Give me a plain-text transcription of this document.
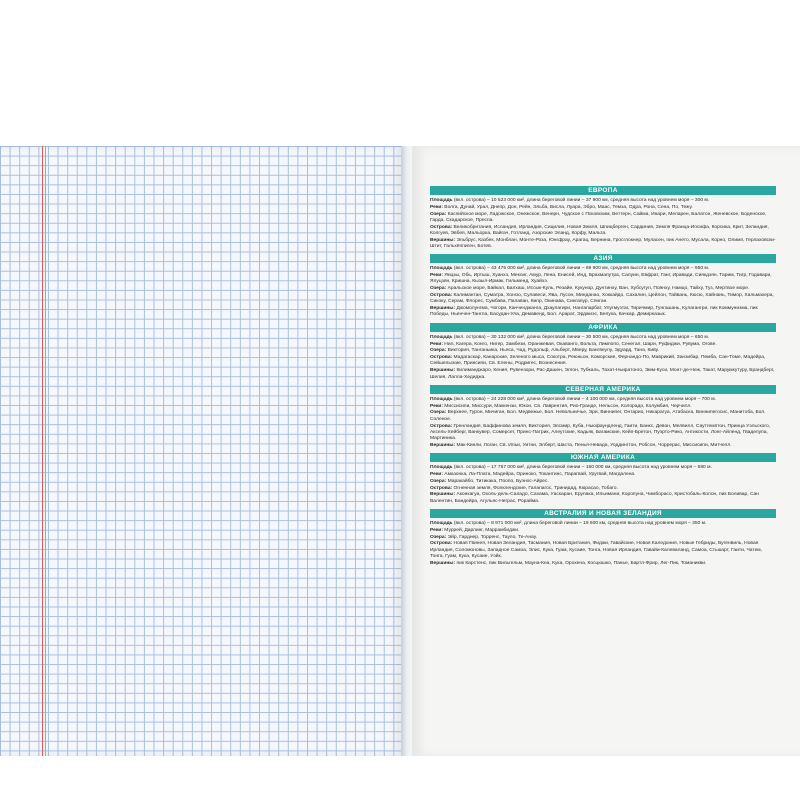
ЕВРОПА
Площадь (вкл. острова) – 10 523 000 км², длина береговой линии – 37 900 км, средняя высота над уровнем моря – 300 м.
Реки: Волга, Дунай, Урал, Днепр, Дон, Рейн, Эльба, Висла, Луара, Эбро, Маас, Темза, Одра, Рона, Сена, По, Тежу.
Озера: Каспийское море, Ладожское, Онежское, Венерн, Чудское с Псковским, Веттерн, Сайма, Инари, Меларен, Балатон, Женевское, Боденское, Гарда, Скадарское, Преспа.
Острова: Великобритания, Исландия, Ирландия, Сицилия, Новая Земля, Шпицберген, Сардиния, Земля Франца-Иосифа, Корсика, Крит, Зеландия, Колгуев, Эвбея, Мальорка, Вайгач, Готланд, Азорские Эланд, Корфу, Мальта.
Вершины: Эльбрус, Казбек, Монблан, Монте-Роза, Юнгфрау, Арагац, Бернина, Гросглокнер, Муласен, пик Ането, Мусала, Корно, Олимп, Герлаховски-Штит, Гальхёппиген, Ботев.
АЗИЯ
Площадь (вкл. острова) – 43 475 000 км², длина береговой линии – 69 900 км, средняя высота над уровнем моря – 950 м.
Реки: Янцзы, Обь, Иртыш, Хуанхэ, Меконг, Амур, Лена, Енисей, Инд, Брахмапутра, Салуин, Евфрат, Ганг, Иравади, Сиякдзян, Тарим, Тигр, Годавари, Ялуцзян, Кришна, Кызыл-Ирмак, Гильменд, Хуайхэ.
Озера: Аральское море, Байкал, Балхаш, Иссык-Куль, Резайе, Кукунор, Дунтинху, Ван, Хубсугул, Поянху, Намцо, Тайху, Туз, Мертвое море.
Острова: Калимантан, Суматра, Хонсю, Сулавеси, Ява, Лусон, Минданао, Хоккайдо, Сахалин, Цейлон, Тайвань, Кюсю, Хайнань, Тимор, Хальмахера, Сикоку, Серам, Флорес, Сумбава, Палаван, Кипр, Окинава, Сингапур, Сянган.
Вершины: Джомолунгма, Чогори, Канченджанга, Дхаулагири, Нангапарбат, Улугмузтаг, Тиричмир, Гунгашань, Кулагангри, пик Коммунизма, пик Победы, Ньенчен-Тангла, Басудан-Ула, Демавенд, Бол. Арарат, Эрджиэс, Белуха, Качкар, Демирказык.
АФРИКА
Площадь (вкл. острова) – 30 132 000 км², длина береговой линии – 30 500 км, средняя высота над уровнем моря – 650 м.
Реки: Нил, Кагера, Конго, Нигер, Замбези, Оранжевая, Окаванго, Вольта, Лимпопо, Сенегал, Шари, Руфиджи, Рувума, Огове.
Озера: Виктория, Танганьика, Ньяса, Чад, Рудольф, Альберт, Мверу, Бангвеулу, Эдуард, Тана, Киву.
Острова: Мадагаскар, Канарские, Зеленого мыса, Сокотра, Реюньон, Коморские, Фернандо-По, Маврикий, Занзибар, Пемба, Сан-Томе, Мадейра, Сейшельские, Принсипи, Св. Елены, Родригес, Вознесения.
Вершины: Килиманджаро, Кения, Рувензори, Рас-Дашен, Элгон, Тубкаль, Тахат-Ньиратонго, Эмм-Куси, Монт-де-Неж, Такат, Марумкутуру, Брандберг, Шелия, Лалла-Хедиджа.
СЕВЕРНАЯ АМЕРИКА
Площадь (вкл. острова) – 24 228 000 км², длина береговой линии – 4 100 000 км, средняя высота над уровнем моря – 700 м.
Реки: Миссисипи, Миссури, Маккензи, Юкон, Св. Лаврентия, Рио-Гранде, Нельсон, Колорадо, Колумбия, Черчилл.
Озера: Верхнее, Гурон, Мичиган, Бол. Медвежье, Бол. Невольничье, Эри, Виннипег, Онтарио, Никарагуа, Атабаска, Виннипегосис, Манитоба, Бол. Соленое.
Острова: Гренландия, Баффинова земля, Виктория, Элсмир, Куба, Ньюфаундленд, Гаити, Банкс, Девон, Мелвилл, Саутгемптон, Принца Уэльского, Аксель-Хейберг, Ванкувер, Сомерсет, Принс-Патрик, Алеутские, Кадьяк, Багамские, Кейп-Бретон, Пуэрто-Рико, Антикости, Лонг-Айленд, Гваделупа, Мартиника.
Вершины: Мак-Кинли, Логан, Св. Ильи, Уитни, Элберт, Шаста, Пенья-Невада, Уоддингтон, Робсон, Чоррерас, Миссисипи, Митчелл.
ЮЖНАЯ АМЕРИКА
Площадь (вкл. острова) – 17 757 000 км², длина береговой линии – 150 000 км, средняя высота над уровнем моря – 580 м.
Реки: Амазонка, Ла-Плата, Мадейра, Ориноко, Токантинс, Парагвай, Уругвай, Магдалена.
Озера: Маракайбо, Титикака, Поопо, Буэнос-Айрес.
Острова: Огненная земля, Фолклендские, Галапагос, Тринидад, Кюрасао, Тобаго.
Вершины: Аконкагуа, Охоль-дель-Саладо, Сахама, Уаскаран, Ерупака, Ильимани, Коропуна, Чимборасо, Кристобаль-Колон, пик Боливар, Сан Валентин, Бандейра, Агульяс-Неграс, Рорайма.
АВСТРАЛИЯ И НОВАЯ ЗЕЛАНДИЯ
Площадь (вкл. острова) – 8 971 000 км², длина береговой линии – 19 600 км, средняя высота над уровнем моря – 350 м.
Реки: Муррей, Дарлинг, Маррамбиджи.
Озера: Эйр, Гарднер, Торренс, Таупо, Те-Анау.
Острова: Новая Гвинея, Новая Зеландия, Тасмания, Новая Британия, Фиджи, Гавайские, Новая Каледония, Новые Гебриды, Бугенвиль, Новая Ирландия, Соломоновы, Западное Самоа, Элис, Кука, Гуам, Кусаие, Тонга, Новая Ирландия, Гавайи-Калеваланд, Самоа, Стьюарт, Гаити, Чатем, Тонга, Гуам, Кука, Кусаие, Уэйк.
Вершины: пик Карстенс, пик Вильгельм, Мауна-Кеа, Кука, Орохена, Косцюшко, Панье, Бартл-Фрир, Лег-Пик, Томаникви.
